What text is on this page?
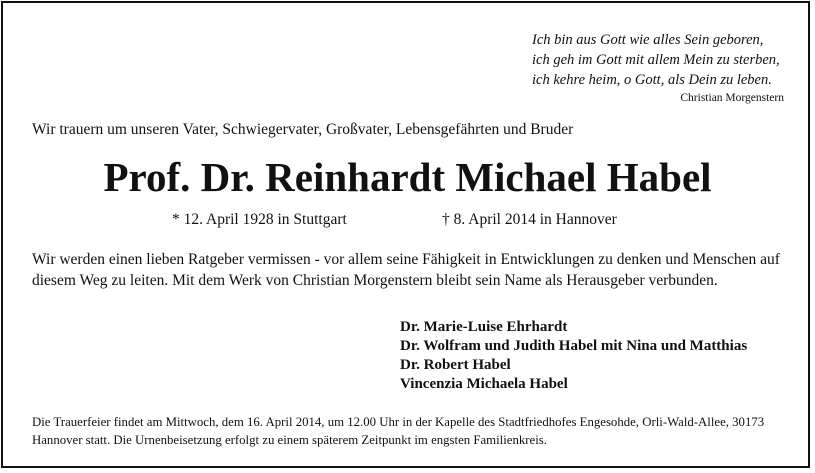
Ich bin aus Gott wie alles Sein geboren,
ich geh im Gott mit allem Mein zu sterben,
ich kehre heim, o Gott, als Dein zu leben.
Christian Morgenstern
Wir trauern um unseren Vater, Schwiegervater, Großvater, Lebensgefährten und Bruder
Prof. Dr. Reinhardt Michael Habel
* 12. April 1928 in Stuttgart	† 8. April 2014 in Hannover
Wir werden einen lieben Ratgeber vermissen - vor allem seine Fähigkeit in Entwicklungen zu denken und Menschen auf diesem Weg zu leiten. Mit dem Werk von Christian Morgenstern bleibt sein Name als Herausgeber verbunden.
Dr. Marie-Luise Ehrhardt
Dr. Wolfram und Judith Habel mit Nina und Matthias
Dr. Robert Habel
Vincenzia Michaela Habel
Die Trauerfeier findet am Mittwoch, dem 16. April 2014, um 12.00 Uhr in der Kapelle des Stadtfriedhofes Engesohde, Orli-Wald-Allee, 30173 Hannover statt. Die Urnenbeisetzung erfolgt zu einem späterem Zeitpunkt im engsten Familienkreis.
